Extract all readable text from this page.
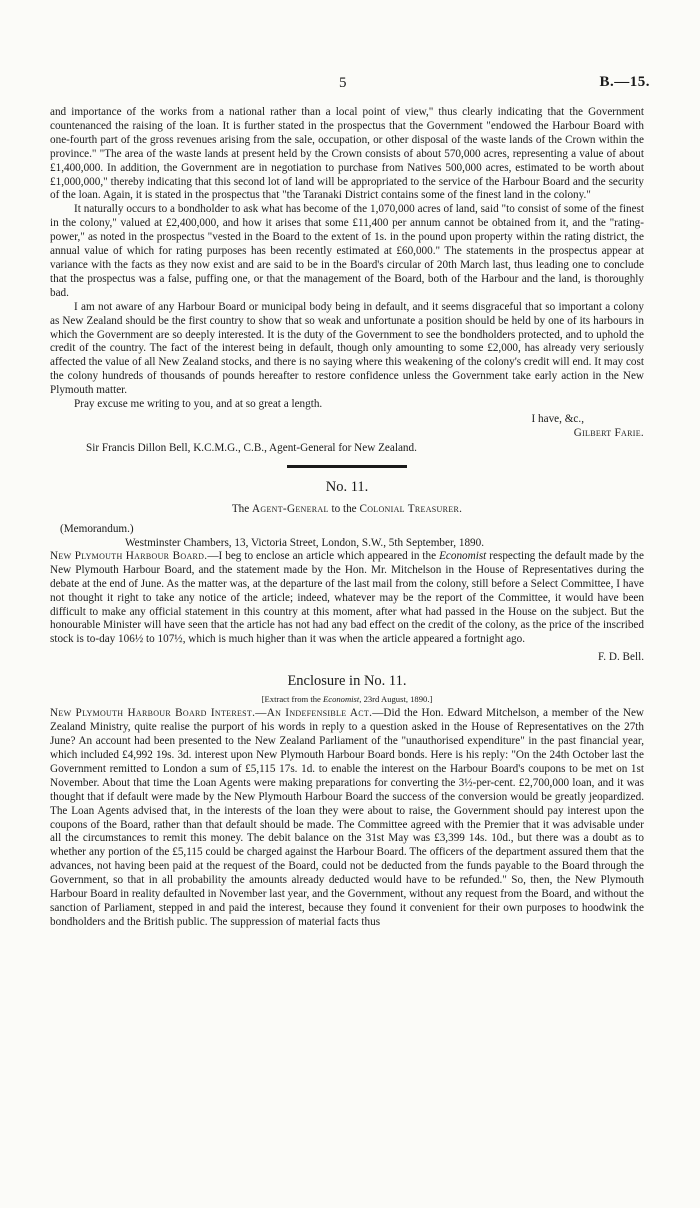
5	B.—15.

and importance of the works from a national rather than a local point of view," thus clearly indicating that the Government countenanced the raising of the loan. It is further stated in the prospectus that the Government "endowed the Harbour Board with one-fourth part of the gross revenues arising from the sale, occupation, or other disposal of the waste lands of the Crown within the province." "The area of the waste lands at present held by the Crown consists of about 570,000 acres, representing a value of about £1,400,000. In addition, the Government are in negotiation to purchase from Natives 500,000 acres, estimated to be worth about £1,000,000," thereby indicating that this second lot of land will be appropriated to the service of the Harbour Board and the security of the loan. Again, it is stated in the prospectus that "the Taranaki District contains some of the finest land in the colony."

It naturally occurs to a bondholder to ask what has become of the 1,070,000 acres of land, said "to consist of some of the finest in the colony," valued at £2,400,000, and how it arises that some £11,400 per annum cannot be obtained from it, and the "rating-power," as noted in the prospectus "vested in the Board to the extent of 1s. in the pound upon property within the rating district, the annual value of which for rating purposes has been recently estimated at £60,000." The statements in the prospectus appear at variance with the facts as they now exist and are said to be in the Board's circular of 20th March last, thus leading one to conclude that the prospectus was a false, puffing one, or that the management of the Board, both of the Harbour and the land, is thoroughly bad.

I am not aware of any Harbour Board or municipal body being in default, and it seems disgraceful that so important a colony as New Zealand should be the first country to show that so weak and unfortunate a position should be held by one of its harbours in which the Government are so deeply interested. It is the duty of the Government to see the bondholders protected, and to uphold the credit of the country. The fact of the interest being in default, though only amounting to some £2,000, has already very seriously affected the value of all New Zealand stocks, and there is no saying where this weakening of the colony's credit will end. It may cost the colony hundreds of thousands of pounds hereafter to restore confidence unless the Government take early action in the New Plymouth matter.

Pray excuse me writing to you, and at so great a length.

I have, &c.,
Gilbert Farie.
Sir Francis Dillon Bell, K.C.M.G., C.B., Agent-General for New Zealand.
No. 11.
The Agent-General to the Colonial Treasurer.
(Memorandum.)
Westminster Chambers, 13, Victoria Street, London, S.W., 5th September, 1890.

New Plymouth Harbour Board.—I beg to enclose an article which appeared in the Economist respecting the default made by the New Plymouth Harbour Board, and the statement made by the Hon. Mr. Mitchelson in the House of Representatives during the debate at the end of June. As the matter was, at the departure of the last mail from the colony, still before a Select Committee, I have not thought it right to take any notice of the article; indeed, whatever may be the report of the Committee, it would have been difficult to make any official statement in this country at this moment, after what had passed in the House on the subject. But the honourable Minister will have seen that the article has not had any bad effect on the credit of the colony, as the price of the inscribed stock is to-day 106½ to 107½, which is much higher than it was when the article appeared a fortnight ago.

F. D. Bell.
Enclosure in No. 11.
[Extract from the Economist, 23rd August, 1890.]

New Plymouth Harbour Board Interest.—An Indefensible Act.—Did the Hon. Edward Mitchelson, a member of the New Zealand Ministry, quite realise the purport of his words in reply to a question asked in the House of Representatives on the 27th June? An account had been presented to the New Zealand Parliament of the "unauthorised expenditure" in the past financial year, which included £4,992 19s. 3d. interest upon New Plymouth Harbour Board bonds. Here is his reply: "On the 24th October last the Government remitted to London a sum of £5,115 17s. 1d. to enable the interest on the Harbour Board's coupons to be met on 1st November. About that time the Loan Agents were making preparations for converting the 3½-per-cent. £2,700,000 loan, and it was thought that if default were made by the New Plymouth Harbour Board the success of the conversion would be greatly jeopardized. The Loan Agents advised that, in the interests of the loan they were about to raise, the Government should pay interest upon the coupons of the Board, rather than that default should be made. The Committee agreed with the Premier that it was advisable under all the circumstances to remit this money. The debit balance on the 31st May was £3,399 14s. 10d., but there was a doubt as to whether any portion of the £5,115 could be charged against the Harbour Board. The officers of the department assured them that the advances, not having been paid at the request of the Board, could not be deducted from the funds payable to the Board through the Government, so that in all probability the amounts already deducted would have to be refunded." So, then, the New Plymouth Harbour Board in reality defaulted in November last year, and the Government, without any request from the Board, and without the sanction of Parliament, stepped in and paid the interest, because they found it convenient for their own purposes to hoodwink the bondholders and the British public. The suppression of material facts thus
